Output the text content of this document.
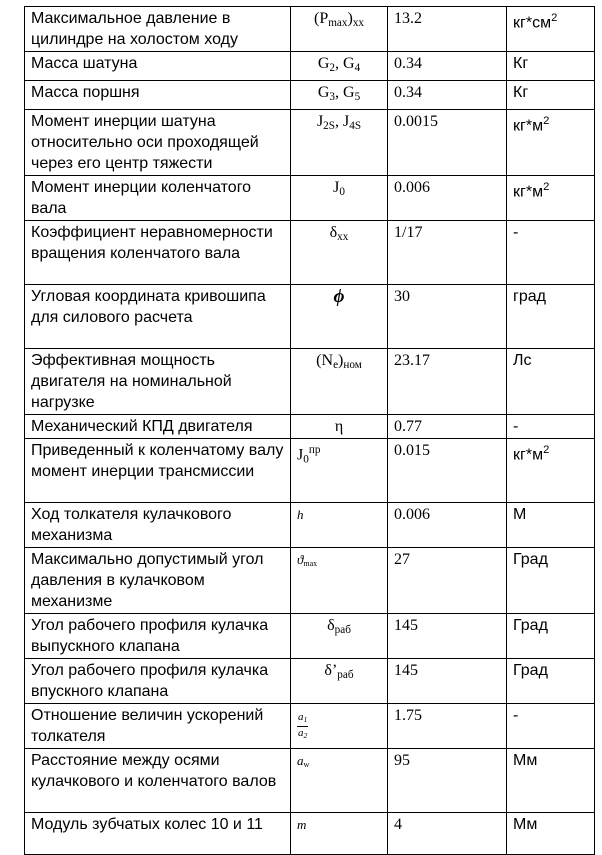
Максимальное давление в цилиндре на холостом ходу	$(P_{max})_{xx}$	13.2	$кг*см^2$
Масса шатуна	$G_2$, $G_4$	0.34	Кг
Масса поршня	$G_3$, $G_5$	0.34	Кг
Момент инерции шатуна относительно оси проходящей через его центр тяжести	$J_{2S}$, $J_{4S}$	0.0015	$кг*м^2$
Момент инерции коленчатого вала	$J_0$	0.006	$кг*м^2$
Коэффициент неравномерности вращения коленчатого вала	$\delta_{xx}$	1/17	-
Угловая координата кривошипа для силового расчета	ϕ	30	град
Эффективная мощность двигателя на номинальной нагрузке	$(N_e)_{ном}$	23.17	Лс
Механический КПД двигателя	η	0.77	-
Приведенный к коленчатому валу момент инерции трансмиссии	$J_0^{пр}$	0.015	$кг*м^2$
Ход толкателя кулачкового механизма	h	0.006	М
Максимально допустимый угол давления в кулачковом механизме	$ϑ_{max}$	27	Град
Угол рабочего профиля кулачка выпускного клапана	$\delta_{раб}$	145	Град
Угол рабочего профиля кулачка впускного клапана	$\delta’_{раб}$	145	Град
Отношение величин ускорений толкателя	$\frac{a_1}{a_2}$	1.75	-
Расстояние между осями кулачкового и коленчатого валов	$a_w$	95	Мм
Модуль зубчатых колес 10 и 11	m	4	Мм
